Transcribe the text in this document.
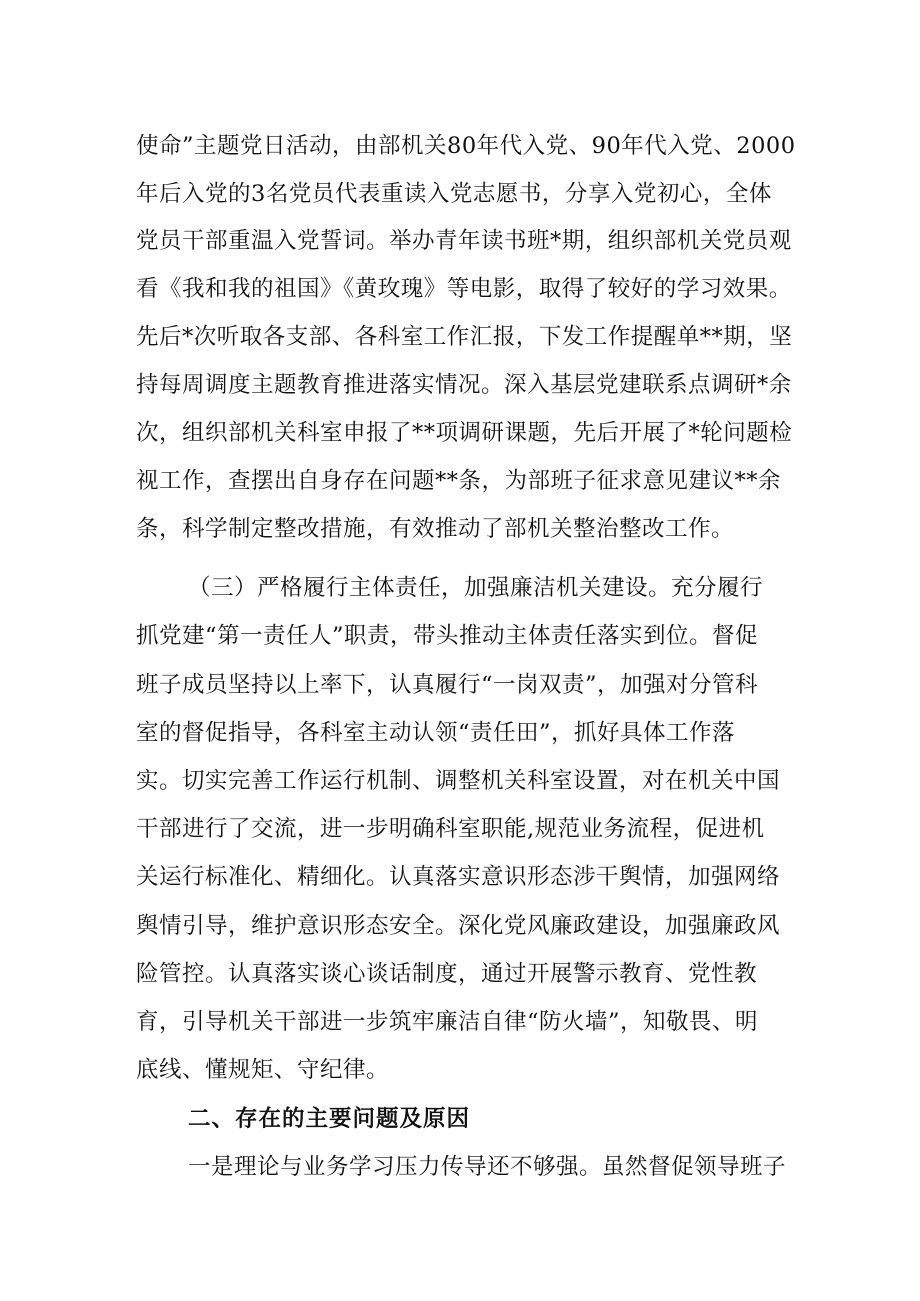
使命”主题党日活动，由部机关80年代入党、90年代入党、2000
年后入党的3名党员代表重读入党志愿书，分享入党初心，全体
党员干部重温入党誓词。举办青年读书班*期，组织部机关党员观
看《我和我的祖国》《黄玫瑰》等电影，取得了较好的学习效果。
先后*次听取各支部、各科室工作汇报，下发工作提醒单**期，坚
持每周调度主题教育推进落实情况。深入基层党建联系点调研*余
次，组织部机关科室申报了**项调研课题，先后开展了*轮问题检
视工作，查摆出自身存在问题**条，为部班子征求意见建议**余
条，科学制定整改措施，有效推动了部机关整治整改工作。
（三）严格履行主体责任，加强廉洁机关建设。充分履行
抓党建“第一责任人”职责，带头推动主体责任落实到位。督促
班子成员坚持以上率下，认真履行“一岗双责”，加强对分管科
室的督促指导，各科室主动认领“责任田”，抓好具体工作落
实。切实完善工作运行机制、调整机关科室设置，对在机关中国
干部进行了交流，进一步明确科室职能,规范业务流程，促进机
关运行标准化、精细化。认真落实意识形态涉干舆情，加强网络
舆情引导，维护意识形态安全。深化党风廉政建设，加强廉政风
险管控。认真落实谈心谈话制度，通过开展警示教育、党性教
育，引导机关干部进一步筑牢廉洁自律“防火墙”，知敬畏、明
底线、懂规矩、守纪律。
二、存在的主要问题及原因
一是理论与业务学习压力传导还不够强。虽然督促领导班子
